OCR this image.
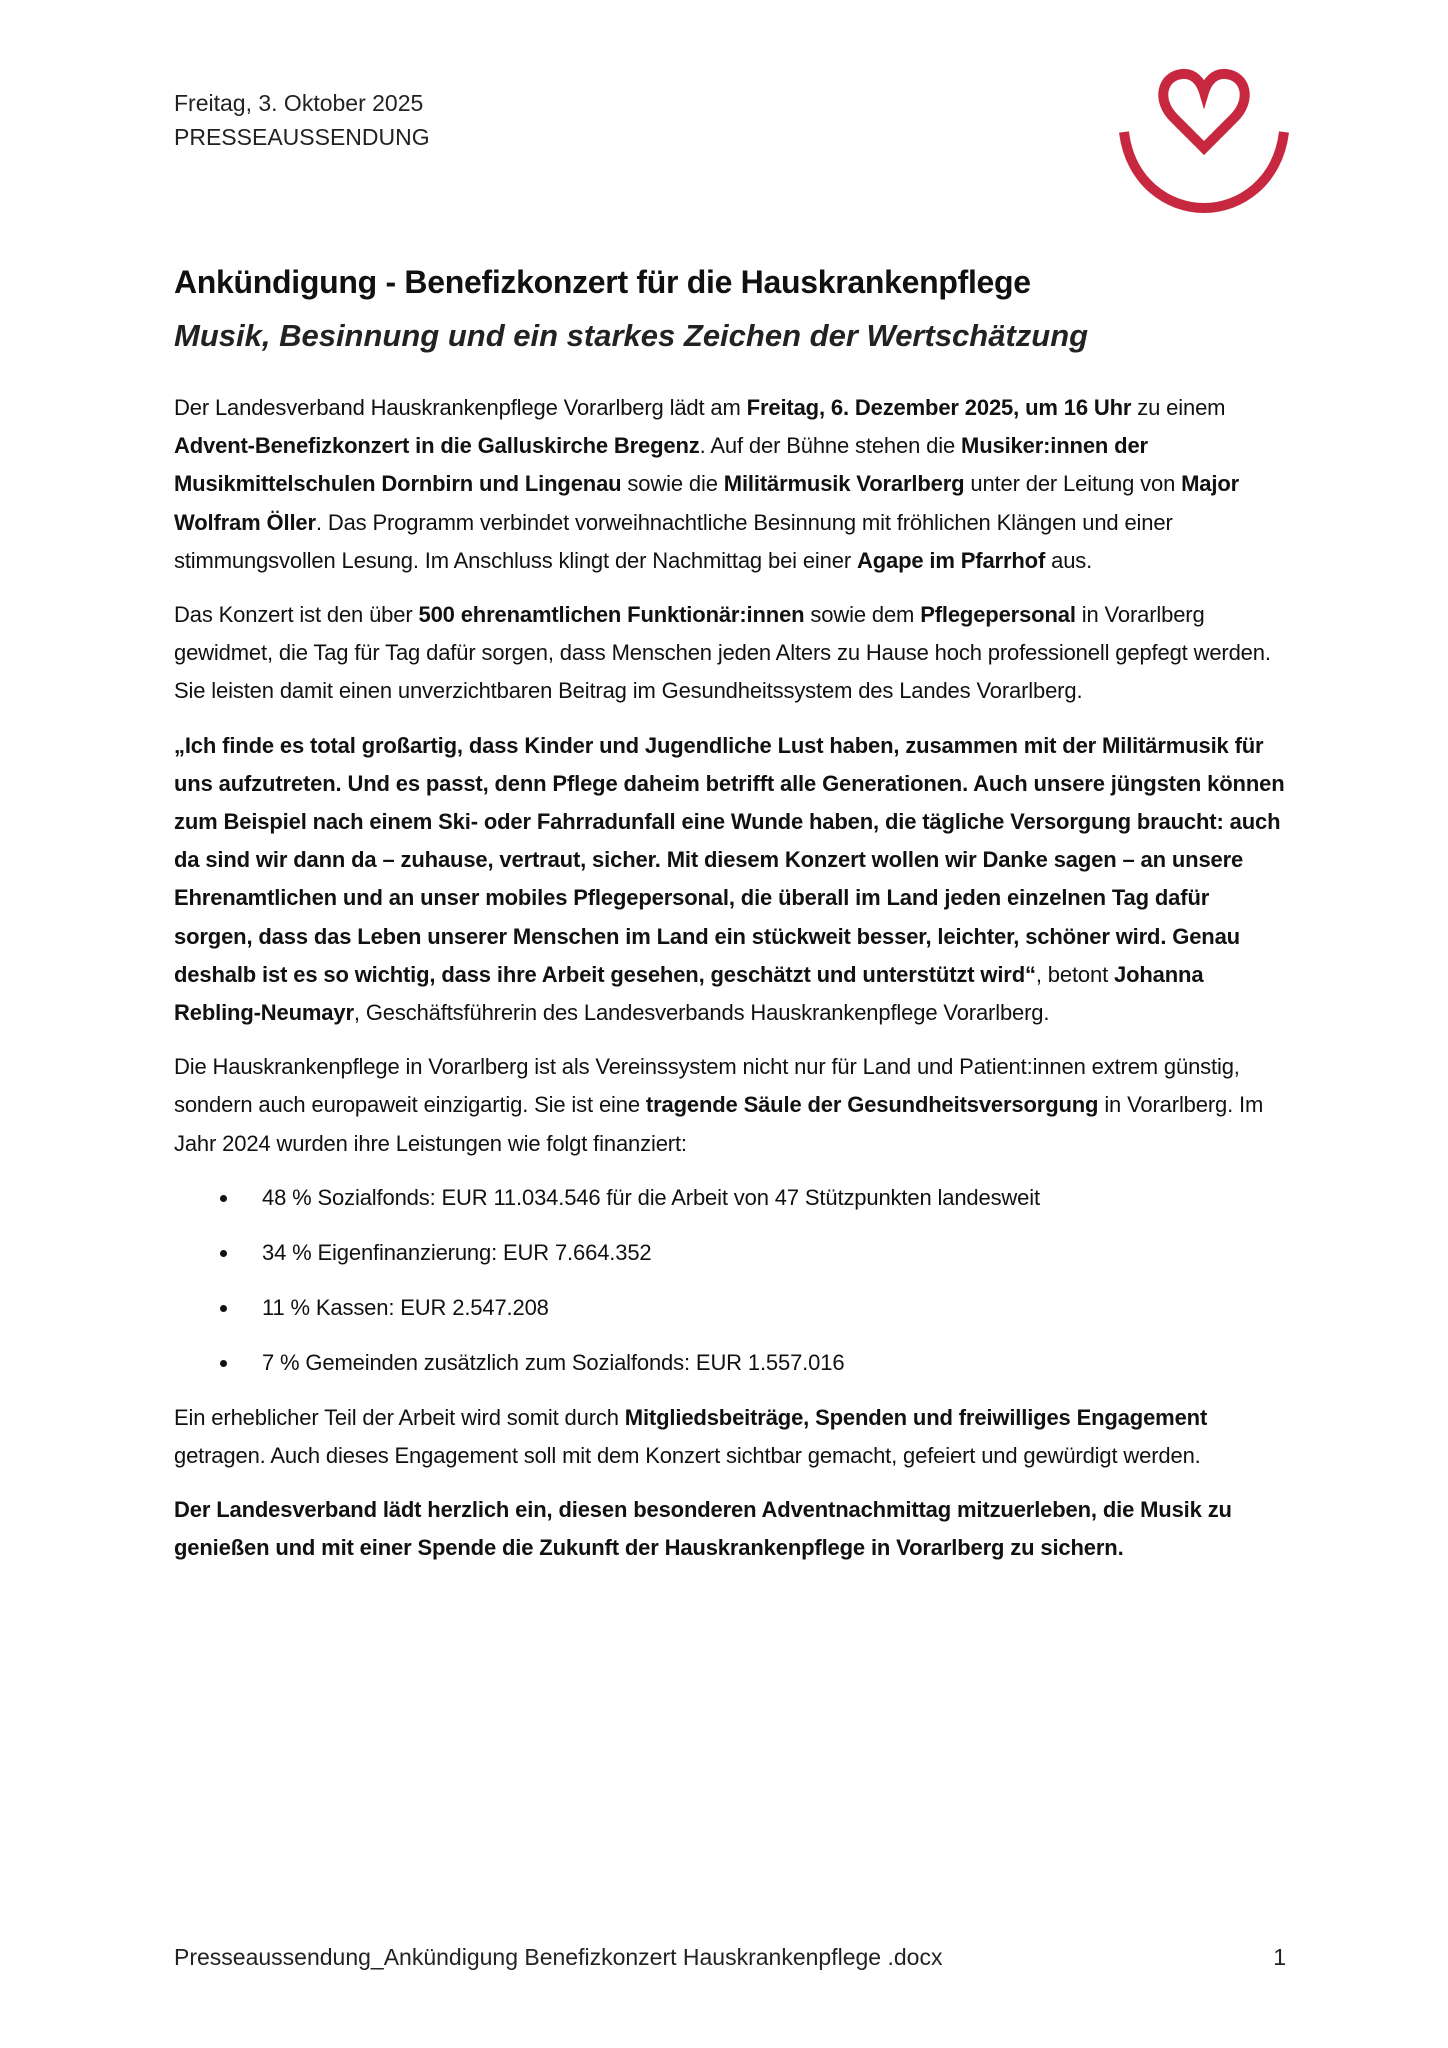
Freitag, 3. Oktober 2025
PRESSEAUSSENDUNG
Ankündigung - Benefizkonzert für die Hauskrankenpflege
Musik, Besinnung und ein starkes Zeichen der Wertschätzung

Der Landesverband Hauskrankenpflege Vorarlberg lädt am Freitag, 6. Dezember 2025, um 16 Uhr zu einem Advent-Benefizkonzert in die Galluskirche Bregenz. Auf der Bühne stehen die Musiker:innen der Musikmittelschulen Dornbirn und Lingenau sowie die Militärmusik Vorarlberg unter der Leitung von Major Wolfram Öller. Das Programm verbindet vorweihnachtliche Besinnung mit fröhlichen Klängen und einer stimmungsvollen Lesung. Im Anschluss klingt der Nachmittag bei einer Agape im Pfarrhof aus.

Das Konzert ist den über 500 ehrenamtlichen Funktionär:innen sowie dem Pflegepersonal in Vorarlberg gewidmet, die Tag für Tag dafür sorgen, dass Menschen jeden Alters zu Hause hoch professionell gepfegt werden. Sie leisten damit einen unverzichtbaren Beitrag im Gesundheitssystem des Landes Vorarlberg.

„Ich finde es total großartig, dass Kinder und Jugendliche Lust haben, zusammen mit der Militärmusik für uns aufzutreten. Und es passt, denn Pflege daheim betrifft alle Generationen. Auch unsere jüngsten können zum Beispiel nach einem Ski- oder Fahrradunfall eine Wunde haben, die tägliche Versorgung braucht: auch da sind wir dann da – zuhause, vertraut, sicher. Mit diesem Konzert wollen wir Danke sagen – an unsere Ehrenamtlichen und an unser mobiles Pflegepersonal, die überall im Land jeden einzelnen Tag dafür sorgen, dass das Leben unserer Menschen im Land ein stückweit besser, leichter, schöner wird. Genau deshalb ist es so wichtig, dass ihre Arbeit gesehen, geschätzt und unterstützt wird“, betont Johanna Rebling-Neumayr, Geschäftsführerin des Landesverbands Hauskrankenpflege Vorarlberg.

Die Hauskrankenpflege in Vorarlberg ist als Vereinssystem nicht nur für Land und Patient:innen extrem günstig, sondern auch europaweit einzigartig. Sie ist eine tragende Säule der Gesundheitsversorgung in Vorarlberg. Im Jahr 2024 wurden ihre Leistungen wie folgt finanziert:

48 % Sozialfonds: EUR 11.034.546 für die Arbeit von 47 Stützpunkten landesweit
34 % Eigenfinanzierung: EUR 7.664.352
11 % Kassen: EUR 2.547.208
7 % Gemeinden zusätzlich zum Sozialfonds: EUR 1.557.016

Ein erheblicher Teil der Arbeit wird somit durch Mitgliedsbeiträge, Spenden und freiwilliges Engagement getragen. Auch dieses Engagement soll mit dem Konzert sichtbar gemacht, gefeiert und gewürdigt werden.

Der Landesverband lädt herzlich ein, diesen besonderen Adventnachmittag mitzuerleben, die Musik zu genießen und mit einer Spende die Zukunft der Hauskrankenpflege in Vorarlberg zu sichern.

Presseaussendung_Ankündigung Benefizkonzert Hauskrankenpflege .docx	1
